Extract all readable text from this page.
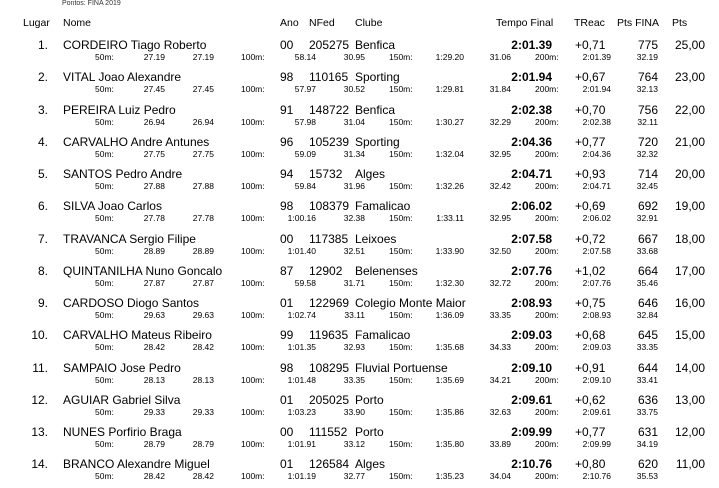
Pontos: FINA 2019
Lugar Nome	Ano NFed Clube	Tempo Final TReac Pts FINA Pts
1. CORDEIRO Tiago Roberto	00 205275 Benfica	2:01.39 +0,71	775	25,00
50m:	27.19	27.19	100m:	58.14	30.95	150m:	1:29.20	31.06	200m:	2:01.39	32.19
2. VITAL Joao Alexandre	98 110165 Sporting	2:01.94 +0,67	764	23,00
50m:	27.45	27.45	100m:	57.97	30.52	150m:	1:29.81	31.84	200m:	2:01.94	32.13
3. PEREIRA Luiz Pedro	91 148722 Benfica	2:02.38 +0,70	756	22,00
50m:	26.94	26.94	100m:	57.98	31.04	150m:	1:30.27	32.29	200m:	2:02.38	32.11
4. CARVALHO Andre Antunes	96 105239 Sporting	2:04.36 +0,77	720	21,00
50m:	27.75	27.75	100m:	59.09	31.34	150m:	1:32.04	32.95	200m:	2:04.36	32.32
5. SANTOS Pedro Andre	94 15732 Alges	2:04.71 +0,93	714	20,00
50m:	27.88	27.88	100m:	59.84	31.96	150m:	1:32.26	32.42	200m:	2:04.71	32.45
6. SILVA Joao Carlos	98 108379 Famalicao	2:06.02 +0,69	692	19,00
50m:	27.78	27.78	100m:	1:00.16	32.38	150m:	1:33.11	32.95	200m:	2:06.02	32.91
7. TRAVANCA Sergio Filipe	00 117385 Leixoes	2:07.58 +0,72	667	18,00
50m:	28.89	28.89	100m:	1:01.40	32.51	150m:	1:33.90	32.50	200m:	2:07.58	33.68
8. QUINTANILHA Nuno Goncalo	87 12902 Belenenses	2:07.76 +1,02	664	17,00
50m:	27.87	27.87	100m:	59.58	31.71	150m:	1:32.30	32.72	200m:	2:07.76	35.46
9. CARDOSO Diogo Santos	01 122969 Colegio Monte Maior	2:08.93 +0,75	646	16,00
50m:	29.63	29.63	100m:	1:02.74	33.11	150m:	1:36.09	33.35	200m:	2:08.93	32.84
10. CARVALHO Mateus Ribeiro	99 119635 Famalicao	2:09.03 +0,68	645	15,00
50m:	28.42	28.42	100m:	1:01.35	32.93	150m:	1:35.68	34.33	200m:	2:09.03	33.35
11. SAMPAIO Jose Pedro	98 108295 Fluvial Portuense	2:09.10 +0,91	644	14,00
50m:	28.13	28.13	100m:	1:01.48	33.35	150m:	1:35.69	34.21	200m:	2:09.10	33.41
12. AGUIAR Gabriel Silva	01 205025 Porto	2:09.61 +0,62	636	13,00
50m:	29.33	29.33	100m:	1:03.23	33.90	150m:	1:35.86	32.63	200m:	2:09.61	33.75
13. NUNES Porfirio Braga	00 111552 Porto	2:09.99 +0,77	631	12,00
50m:	28.79	28.79	100m:	1:01.91	33.12	150m:	1:35.80	33.89	200m:	2:09.99	34.19
14. BRANCO Alexandre Miguel	01 126584 Alges	2:10.76 +0,80	620	11,00
50m:	28.42	28.42	100m:	1:01.19	32.77	150m:	1:35.23	34.04	200m:	2:10.76	35.53
